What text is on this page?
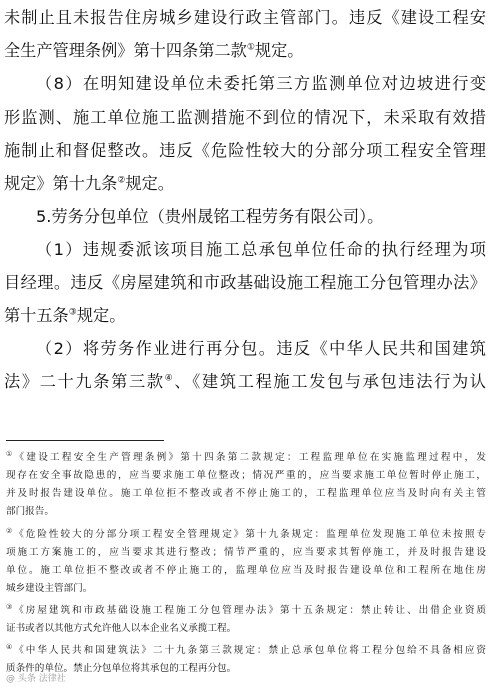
未制止且未报告住房城乡建设行政主管部门。违反《建设工程安
全生产管理条例》第十四条第二款①规定。
（8）在明知建设单位未委托第三方监测单位对边坡进行变
形监测、施工单位施工监测措施不到位的情况下，未采取有效措
施制止和督促整改。违反《危险性较大的分部分项工程安全管理
规定》第十九条②规定。
5.劳务分包单位（贵州晟铭工程劳务有限公司）。
（1）违规委派该项目施工总承包单位任命的执行经理为项
目经理。违反《房屋建筑和市政基础设施工程施工分包管理办法》
第十五条③规定。
（2）将劳务作业进行再分包。违反《中华人民共和国建筑
法》二十九条第三款④、《建筑工程施工发包与承包违法行为认
①《建设工程安全生产管理条例》第十四条第二款规定：工程监理单位在实施监理过程中，发
现存在安全事故隐患的，应当要求施工单位整改；情况严重的，应当要求施工单位暂时停止施工，
并及时报告建设单位。施工单位拒不整改或者不停止施工的，工程监理单位应当及时向有关主管
部门报告。
②《危险性较大的分部分项工程安全管理规定》第十九条规定：监理单位发现施工单位未按照专
项施工方案施工的，应当要求其进行整改；情节严重的，应当要求其暂停施工，并及时报告建设
单位。施工单位拒不整改或者不停止施工的，监理单位应当及时报告建设单位和工程所在地住房
城乡建设主管部门。
③《房屋建筑和市政基础设施工程施工分包管理办法》第十五条规定：禁止转让、出借企业资质
证书或者以其他方式允许他人以本企业名义承揽工程。
④《中华人民共和国建筑法》二十九条第三款规定：禁止总承包单位将工程分包给不具备相应资
质条件的单位。禁止分包单位将其承包的工程再分包。
@ 头条 法律社
